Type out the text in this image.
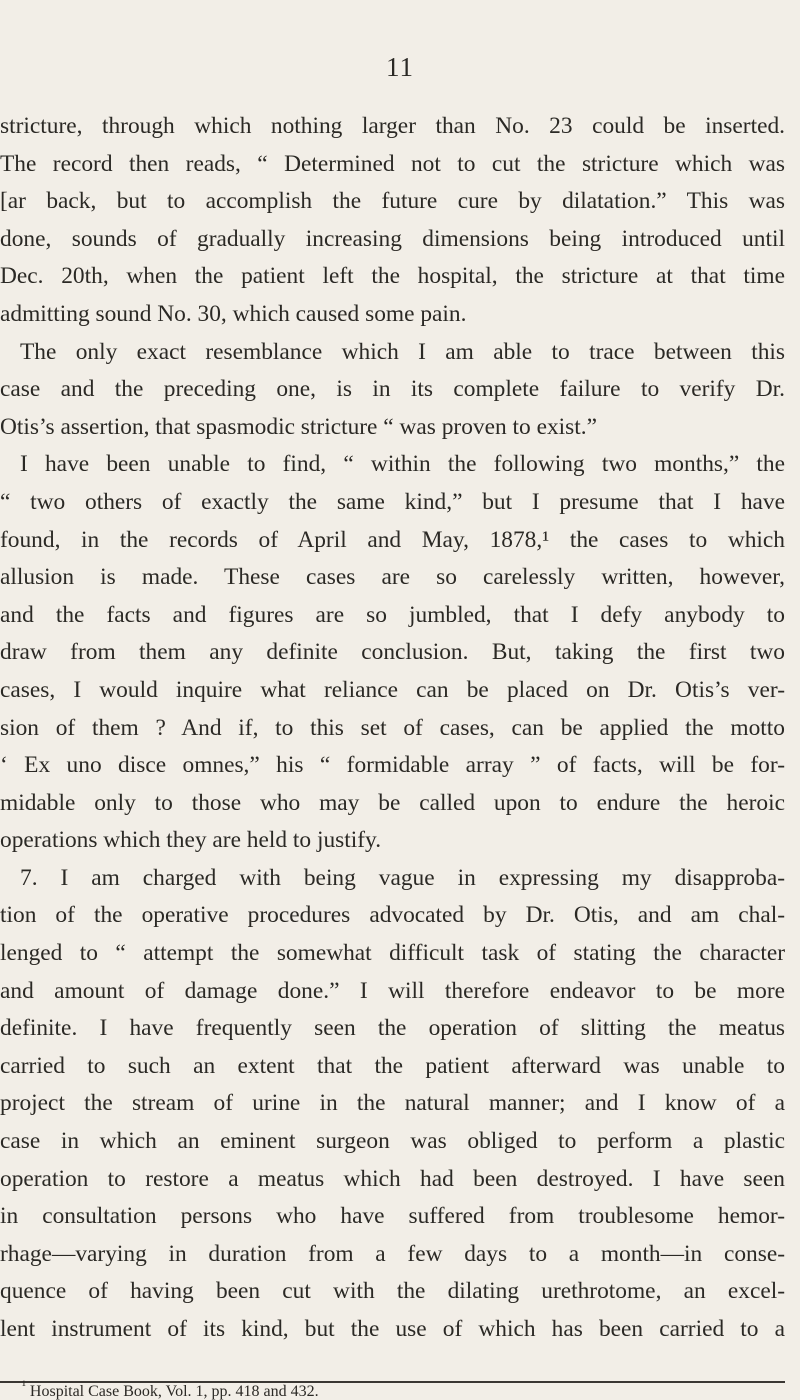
11
stricture, through which nothing larger than No. 23 could be inserted.
The record then reads, “ Determined not to cut the stricture which was
[ar back, but to accomplish the future cure by dilatation.” This was
done, sounds of gradually increasing dimensions being introduced until
Dec. 20th, when the patient left the hospital, the stricture at that time
admitting sound No. 30, which caused some pain.
The only exact resemblance which I am able to trace between this
case and the preceding one, is in its complete failure to verify Dr.
Otis’s assertion, that spasmodic stricture “ was proven to exist.”
I have been unable to find, “ within the following two months,” the
“ two others of exactly the same kind,” but I presume that I have
found, in the records of April and May, 1878,¹ the cases to which
allusion is made. These cases are so carelessly written, however,
and the facts and figures are so jumbled, that I defy anybody to
draw from them any definite conclusion. But, taking the first two
cases, I would inquire what reliance can be placed on Dr. Otis’s ver-
sion of them ? And if, to this set of cases, can be applied the motto
‘ Ex uno disce omnes,” his “ formidable array ” of facts, will be for-
midable only to those who may be called upon to endure the heroic
operations which they are held to justify.
7. I am charged with being vague in expressing my disapproba-
tion of the operative procedures advocated by Dr. Otis, and am chal-
lenged to “ attempt the somewhat difficult task of stating the character
and amount of damage done.” I will therefore endeavor to be more
definite. I have frequently seen the operation of slitting the meatus
carried to such an extent that the patient afterward was unable to
project the stream of urine in the natural manner; and I know of a
case in which an eminent surgeon was obliged to perform a plastic
operation to restore a meatus which had been destroyed. I have seen
in consultation persons who have suffered from troublesome hemor-
rhage—varying in duration from a few days to a month—in conse-
quence of having been cut with the dilating urethrotome, an excel-
lent instrument of its kind, but the use of which has been carried to a
$^{^1}$ Hospital Case Book, Vol. 1, pp. 418 and 432.
